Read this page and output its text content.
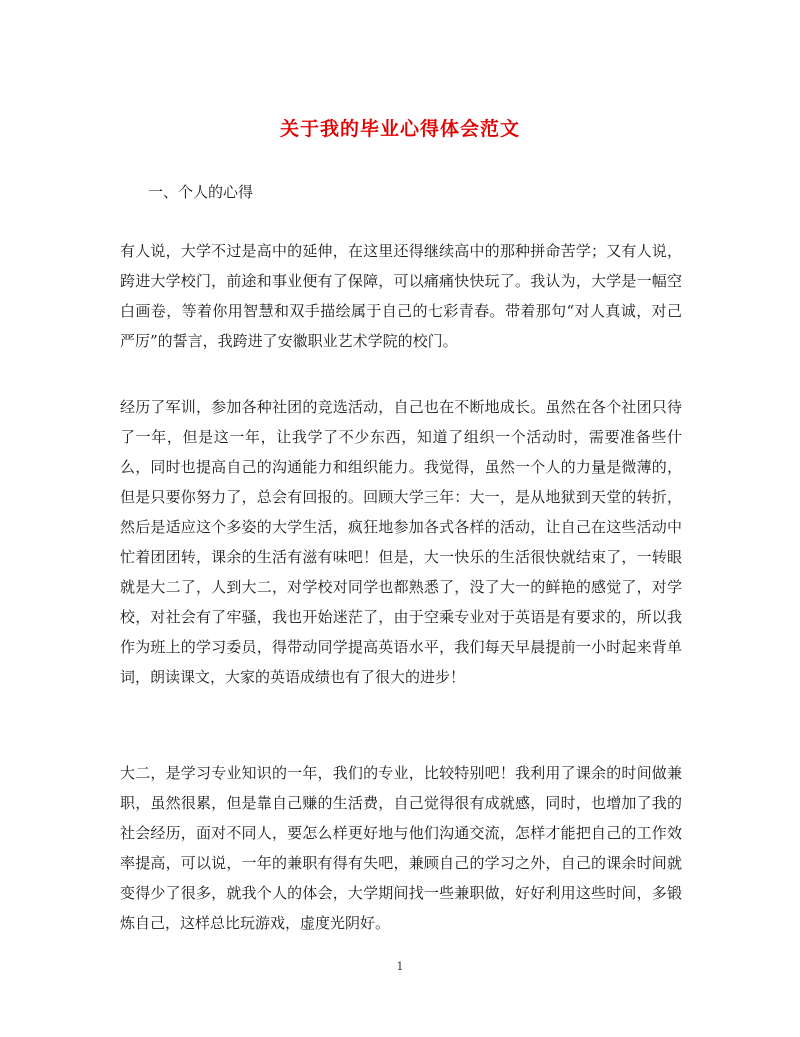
关于我的毕业心得体会范文
一、个人的心得
有人说，大学不过是高中的延伸，在这里还得继续高中的那种拼命苦学；又有人说，跨进大学校门，前途和事业便有了保障，可以痛痛快快玩了。我认为，大学是一幅空白画卷，等着你用智慧和双手描绘属于自己的七彩青春。带着那句“对人真诚，对己严厉”的誓言，我跨进了安徽职业艺术学院的校门。
经历了军训，参加各种社团的竞选活动，自己也在不断地成长。虽然在各个社团只待了一年，但是这一年，让我学了不少东西，知道了组织一个活动时，需要准备些什么，同时也提高自己的沟通能力和组织能力。我觉得，虽然一个人的力量是微薄的，但是只要你努力了，总会有回报的。回顾大学三年：大一，是从地狱到天堂的转折，然后是适应这个多姿的大学生活，疯狂地参加各式各样的活动，让自己在这些活动中忙着团团转，课余的生活有滋有味吧！但是，大一快乐的生活很快就结束了，一转眼就是大二了，人到大二，对学校对同学也都熟悉了，没了大一的鲜艳的感觉了，对学校，对社会有了牢骚，我也开始迷茫了，由于空乘专业对于英语是有要求的，所以我作为班上的学习委员，得带动同学提高英语水平，我们每天早晨提前一小时起来背单词，朗读课文，大家的英语成绩也有了很大的进步！
大二，是学习专业知识的一年，我们的专业，比较特别吧！我利用了课余的时间做兼职，虽然很累，但是靠自己赚的生活费，自己觉得很有成就感，同时，也增加了我的社会经历，面对不同人，要怎么样更好地与他们沟通交流，怎样才能把自己的工作效率提高，可以说，一年的兼职有得有失吧，兼顾自己的学习之外，自己的课余时间就变得少了很多，就我个人的体会，大学期间找一些兼职做，好好利用这些时间，多锻炼自己，这样总比玩游戏，虚度光阴好。
1
